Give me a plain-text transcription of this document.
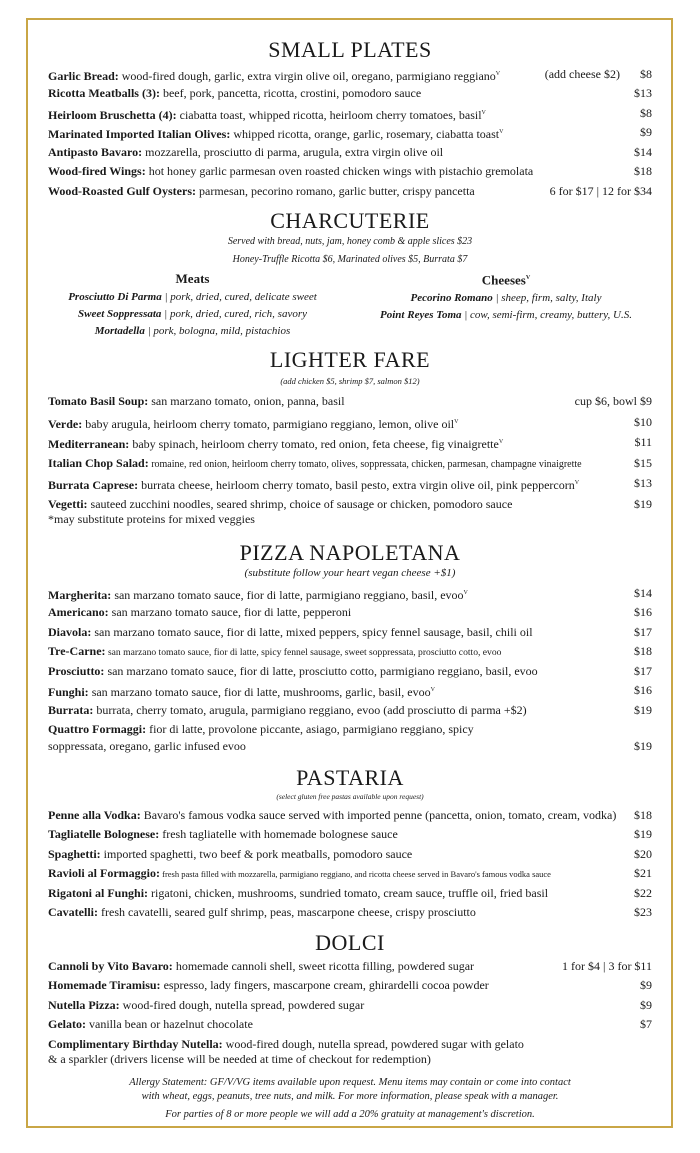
SMALL PLATES
Garlic Bread: wood-fired dough, garlic, extra virgin olive oil, oregano, parmigiano reggiano$^V$	(add cheese $2) $8
Ricotta Meatballs (3): beef, pork, pancetta, ricotta, crostini, pomodoro sauce	$13
Heirloom Bruschetta (4): ciabatta toast, whipped ricotta, heirloom cherry tomatoes, basil$^V$	$8
Marinated Imported Italian Olives: whipped ricotta, orange, garlic, rosemary, ciabatta toast$^V$	$9
Antipasto Bavaro: mozzarella, prosciutto di parma, arugula, extra virgin olive oil	$14
Wood-fired Wings: hot honey garlic parmesan oven roasted chicken wings with pistachio gremolata	$18
Wood-Roasted Gulf Oysters: parmesan, pecorino romano, garlic butter, crispy pancetta	6 for $17 | 12 for $34
CHARCUTERIE
Served with bread, nuts, jam, honey comb & apple slices $23
Honey-Truffle Ricotta $6, Marinated olives $5, Burrata $7
Meats
Prosciutto Di Parma | pork, dried, cured, delicate sweet
Sweet Soppressata | pork, dried, cured, rich, savory
Mortadella | pork, bologna, mild, pistachios
Cheeses$^V$
Pecorino Romano | sheep, firm, salty, Italy
Point Reyes Toma | cow, semi-firm, creamy, buttery, U.S.
LIGHTER FARE
(add chicken $5, shrimp $7, salmon $12)
Tomato Basil Soup: san marzano tomato, onion, panna, basil	cup $6, bowl $9
Verde: baby arugula, heirloom cherry tomato, parmigiano reggiano, lemon, olive oil$^V$	$10
Mediterranean: baby spinach, heirloom cherry tomato, red onion, feta cheese, fig vinaigrette$^V$	$11
Italian Chop Salad: romaine, red onion, heirloom cherry tomato, olives, soppressata, chicken, parmesan, champagne vinaigrette	$15
Burrata Caprese: burrata cheese, heirloom cherry tomato, basil pesto, extra virgin olive oil, pink peppercorn$^V$	$13
Vegetti: sauteed zucchini noodles, seared shrimp, choice of sausage or chicken, pomodoro sauce	$19
*may substitute proteins for mixed veggies
PIZZA NAPOLETANA
(substitute follow your heart vegan cheese +$1)
Margherita: san marzano tomato sauce, fior di latte, parmigiano reggiano, basil, evoo$^V$	$14
Americano: san marzano tomato sauce, fior di latte, pepperoni	$16
Diavola: san marzano tomato sauce, fior di latte, mixed peppers, spicy fennel sausage, basil, chili oil	$17
Tre-Carne: san marzano tomato sauce, fior di latte, spicy fennel sausage, sweet soppressata, prosciutto cotto, evoo	$18
Prosciutto: san marzano tomato sauce, fior di latte, prosciutto cotto, parmigiano reggiano, basil, evoo	$17
Funghi: san marzano tomato sauce, fior di latte, mushrooms, garlic, basil, evoo$^V$	$16
Burrata: burrata, cherry tomato, arugula, parmigiano reggiano, evoo (add prosciutto di parma +$2)	$19
Quattro Formaggi: fior di latte, provolone piccante, asiago, parmigiano reggiano, spicy
soppressata, oregano, garlic infused evoo	$19
PASTARIA
(select gluten free pastas available upon request)
Penne alla Vodka: Bavaro's famous vodka sauce served with imported penne (pancetta, onion, tomato, cream, vodka) $18
Tagliatelle Bolognese: fresh tagliatelle with homemade bolognese sauce	$19
Spaghetti: imported spaghetti, two beef & pork meatballs, pomodoro sauce	$20
Ravioli al Formaggio: fresh pasta filled with mozzarella, parmigiano reggiano, and ricotta cheese served in Bavaro's famous vodka sauce	$21
Rigatoni al Funghi: rigatoni, chicken, mushrooms, sundried tomato, cream sauce, truffle oil, fried basil	$22
Cavatelli: fresh cavatelli, seared gulf shrimp, peas, mascarpone cheese, crispy prosciutto	$23
DOLCI
Cannoli by Vito Bavaro: homemade cannoli shell, sweet ricotta filling, powdered sugar	1 for $4 | 3 for $11
Homemade Tiramisu: espresso, lady fingers, mascarpone cream, ghirardelli cocoa powder	$9
Nutella Pizza: wood-fired dough, nutella spread, powdered sugar	$9
Gelato: vanilla bean or hazelnut chocolate	$7
Complimentary Birthday Nutella: wood-fired dough, nutella spread, powdered sugar with gelato
& a sparkler (drivers license will be needed at time of checkout for redemption)
Allergy Statement: GF/V/VG items available upon request. Menu items may contain or come into contact
with wheat, eggs, peanuts, tree nuts, and milk. For more information, please speak with a manager.
For parties of 8 or more people we will add a 20% gratuity at management's discretion.
